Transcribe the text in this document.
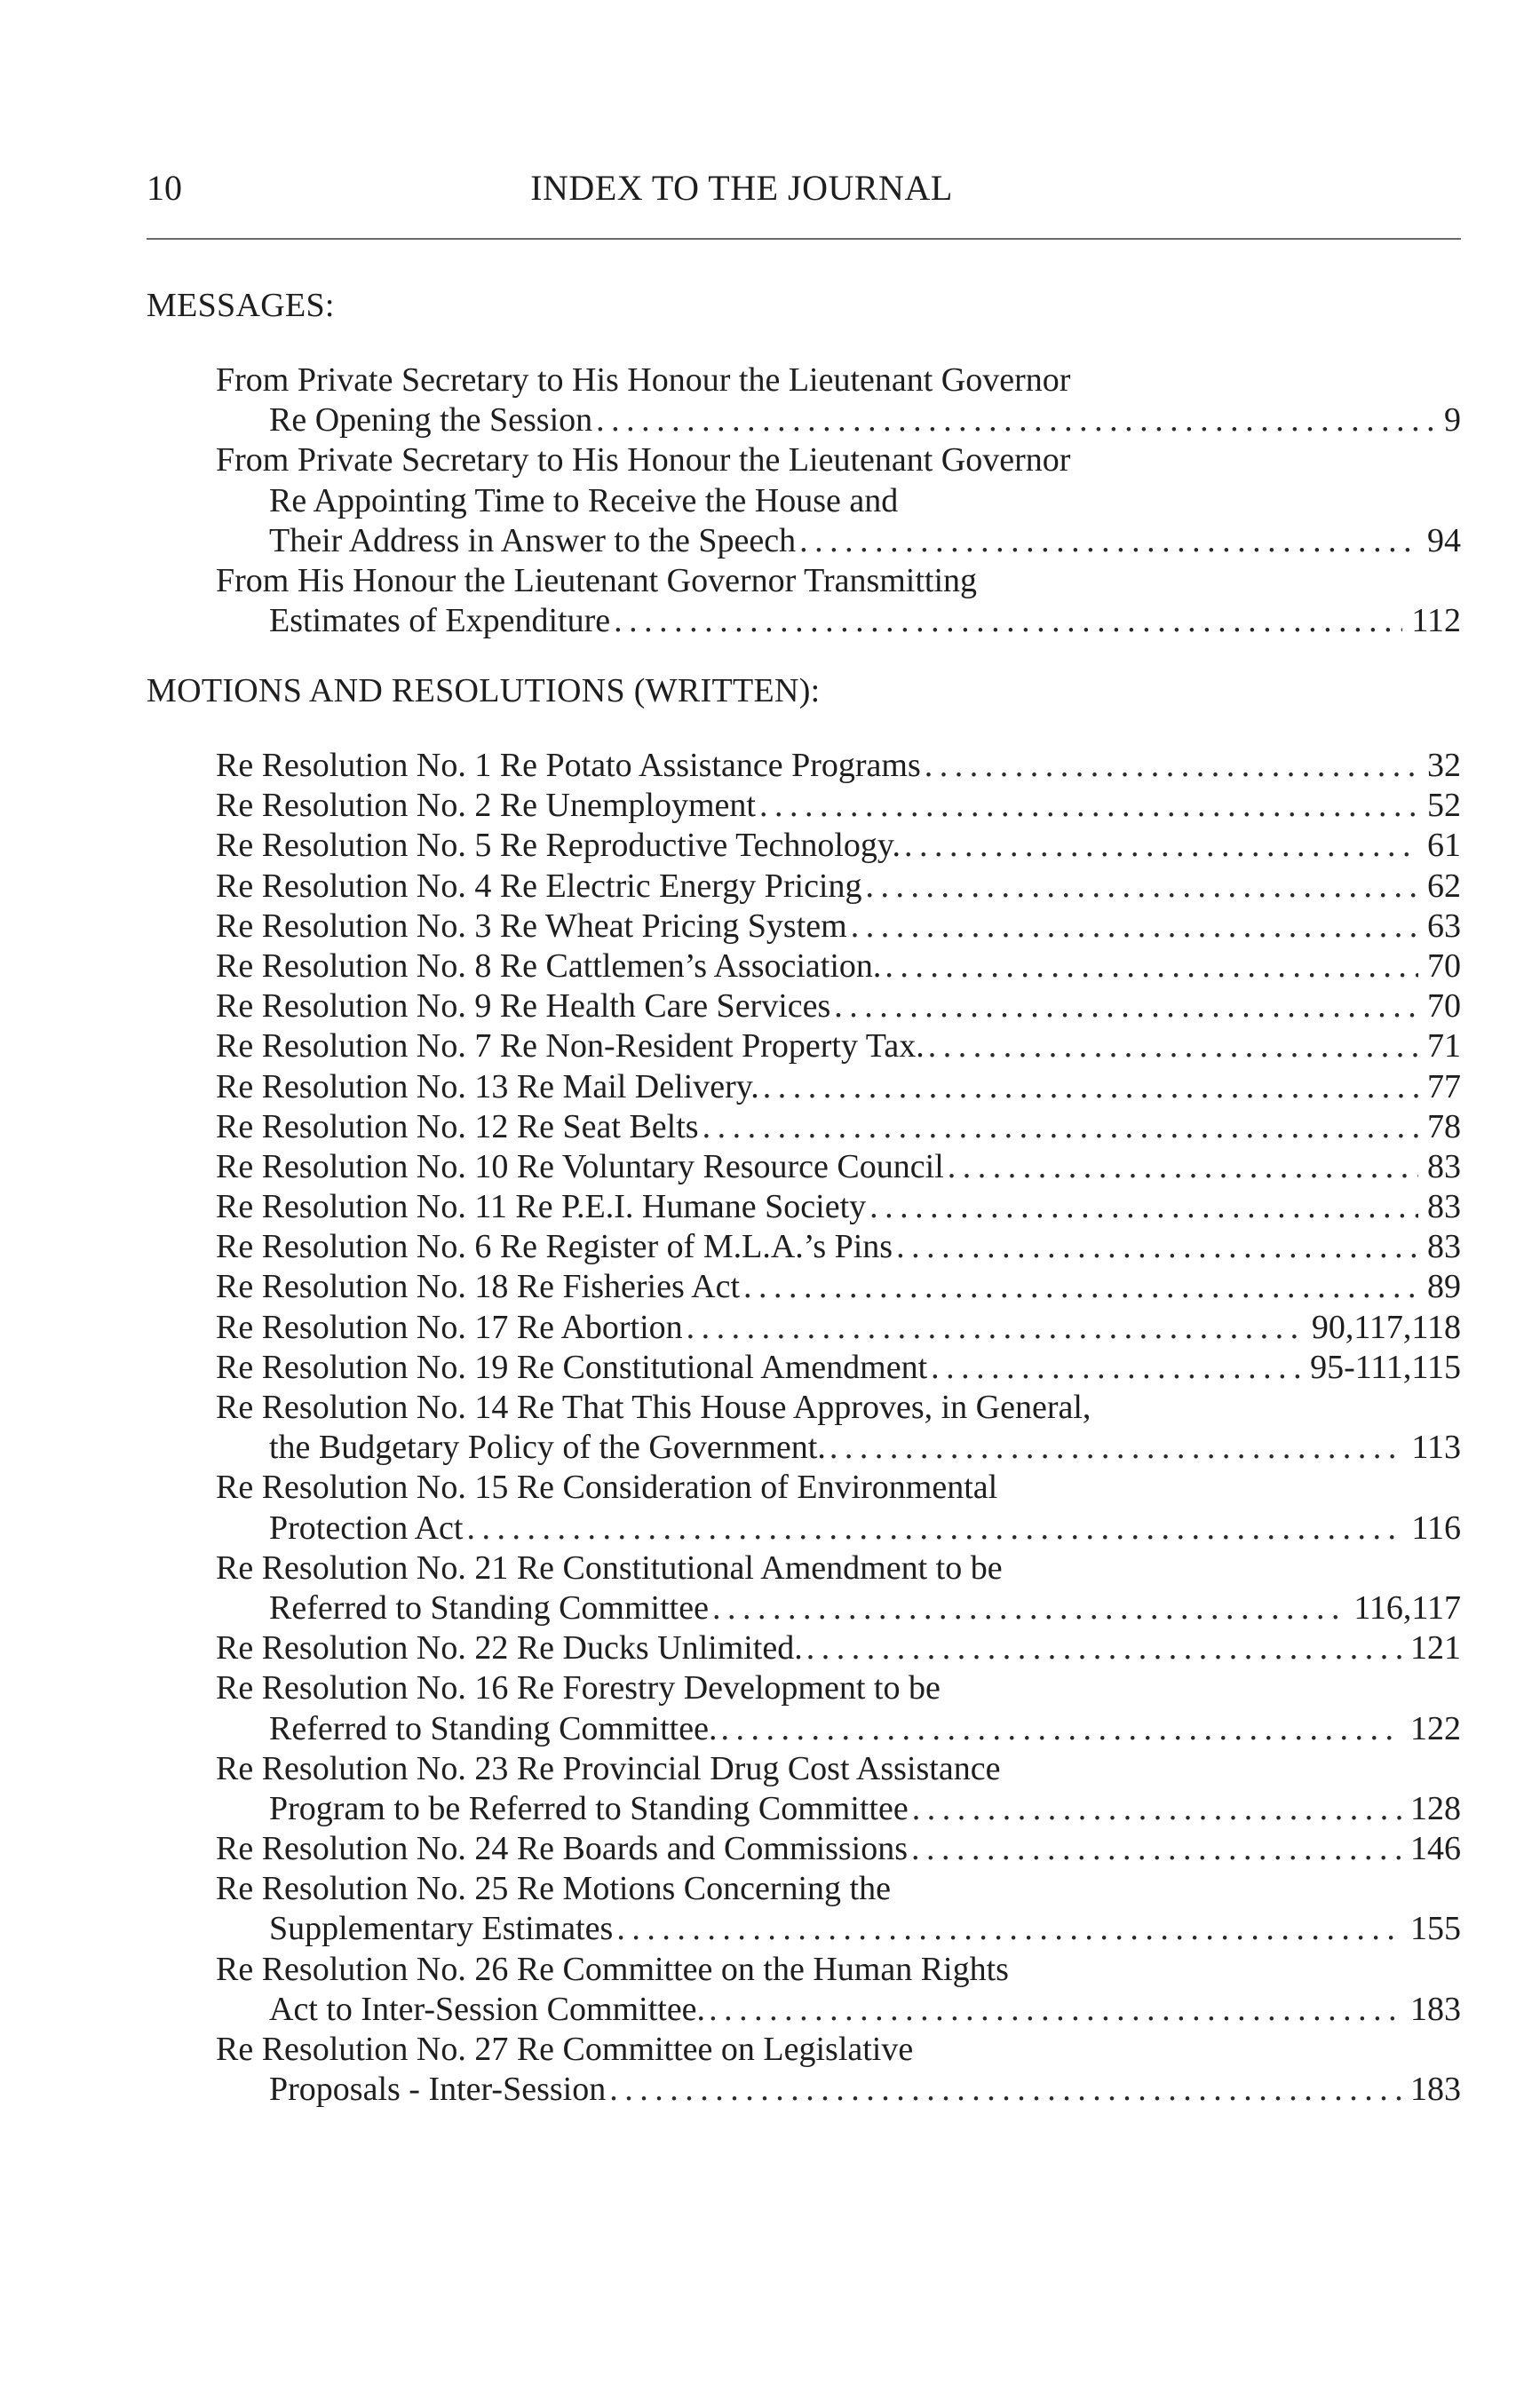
10	INDEX TO THE JOURNAL
MESSAGES:
From Private Secretary to His Honour the Lieutenant Governor
Re Opening the Session . . .	9
From Private Secretary to His Honour the Lieutenant Governor
Re Appointing Time to Receive the House and
Their Address in Answer to the Speech . . .	94
From His Honour the Lieutenant Governor Transmitting
Estimates of Expenditure . . .	112
MOTIONS AND RESOLUTIONS (WRITTEN):
Re Resolution No. 1 Re Potato Assistance Programs . . .	32
Re Resolution No. 2 Re Unemployment . . .	52
Re Resolution No. 5 Re Reproductive Technology. . . .	61
Re Resolution No. 4 Re Electric Energy Pricing . . .	62
Re Resolution No. 3 Re Wheat Pricing System . . .	63
Re Resolution No. 8 Re Cattlemen’s Association. . . .	70
Re Resolution No. 9 Re Health Care Services . . .	70
Re Resolution No. 7 Re Non-Resident Property Tax. . . .	71
Re Resolution No. 13 Re Mail Delivery. . . .	77
Re Resolution No. 12 Re Seat Belts . . .	78
Re Resolution No. 10 Re Voluntary Resource Council . . .	83
Re Resolution No. 11 Re P.E.I. Humane Society . . .	83
Re Resolution No. 6 Re Register of M.L.A.’s Pins . . .	83
Re Resolution No. 18 Re Fisheries Act . . .	89
Re Resolution No. 17 Re Abortion . . .	90,117,118
Re Resolution No. 19 Re Constitutional Amendment . . .	95-111,115
Re Resolution No. 14 Re That This House Approves, in General,
the Budgetary Policy of the Government. . . .	113
Re Resolution No. 15 Re Consideration of Environmental
Protection Act . . .	116
Re Resolution No. 21 Re Constitutional Amendment to be
Referred to Standing Committee . . .	116,117
Re Resolution No. 22 Re Ducks Unlimited. . . .	121
Re Resolution No. 16 Re Forestry Development to be
Referred to Standing Committee. . . .	122
Re Resolution No. 23 Re Provincial Drug Cost Assistance
Program to be Referred to Standing Committee . . .	128
Re Resolution No. 24 Re Boards and Commissions . . .	146
Re Resolution No. 25 Re Motions Concerning the
Supplementary Estimates . . .	155
Re Resolution No. 26 Re Committee on the Human Rights
Act to Inter-Session Committee. . . .	183
Re Resolution No. 27 Re Committee on Legislative
Proposals - Inter-Session . . .	183
